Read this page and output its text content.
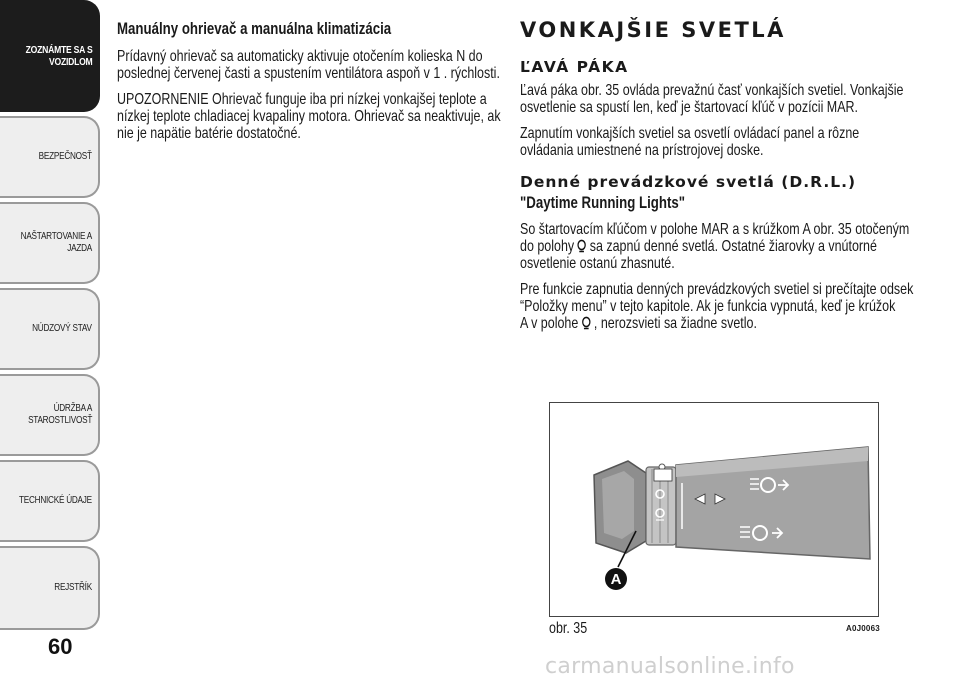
ZOZNÁMTE SA S
VOZIDLOM
BEZPEČNOSŤ
NAŠTARTOVANIE A
JAZDA
NÚDZOVÝ STAV
ÚDRŽBA A
STAROSTLIVOSŤ
TECHNICKÉ ÚDAJE
REJSTŘÍK
60
Manuálny ohrievač a manuálna klimatizácia
Prídavný ohrievač sa automaticky aktivuje otočením kolieska N do
poslednej červenej časti a spustením ventilátora aspoň v 1 . rýchlosti.
UPOZORNENIE Ohrievač funguje iba pri nízkej vonkajšej teplote a
nízkej teplote chladiacej kvapaliny motora. Ohrievač sa neaktivuje, ak
nie je napätie batérie dostatočné.
VONKAJŠIE SVETLÁ
ĽAVÁ PÁKA
Ľavá páka obr. 35 ovláda prevažnú časť vonkajších svetiel. Vonkajšie
osvetlenie sa spustí len, keď je štartovací kľúč v pozícii MAR.
Zapnutím vonkajších svetiel sa osvetlí ovládací panel a rôzne
ovládania umiestnené na prístrojovej doske.
Denné prevádzkové svetlá (D.R.L.)
"Daytime Running Lights"
So štartovacím kľúčom v polohe MAR a s krúžkom A obr. 35 otočeným
do polohy sa zapnú denné svetlá. Ostatné žiarovky a vnútorné
osvetlenie ostanú zhasnuté.
Pre funkcie zapnutia denných prevádzkových svetiel si prečítajte odsek
“Položky menu” v tejto kapitole. Ak je funkcia vypnutá, keď je krúžok
A v polohe , nerozsvieti sa žiadne svetlo.
A
obr. 35	A0J0063
carmanualsonline.info
